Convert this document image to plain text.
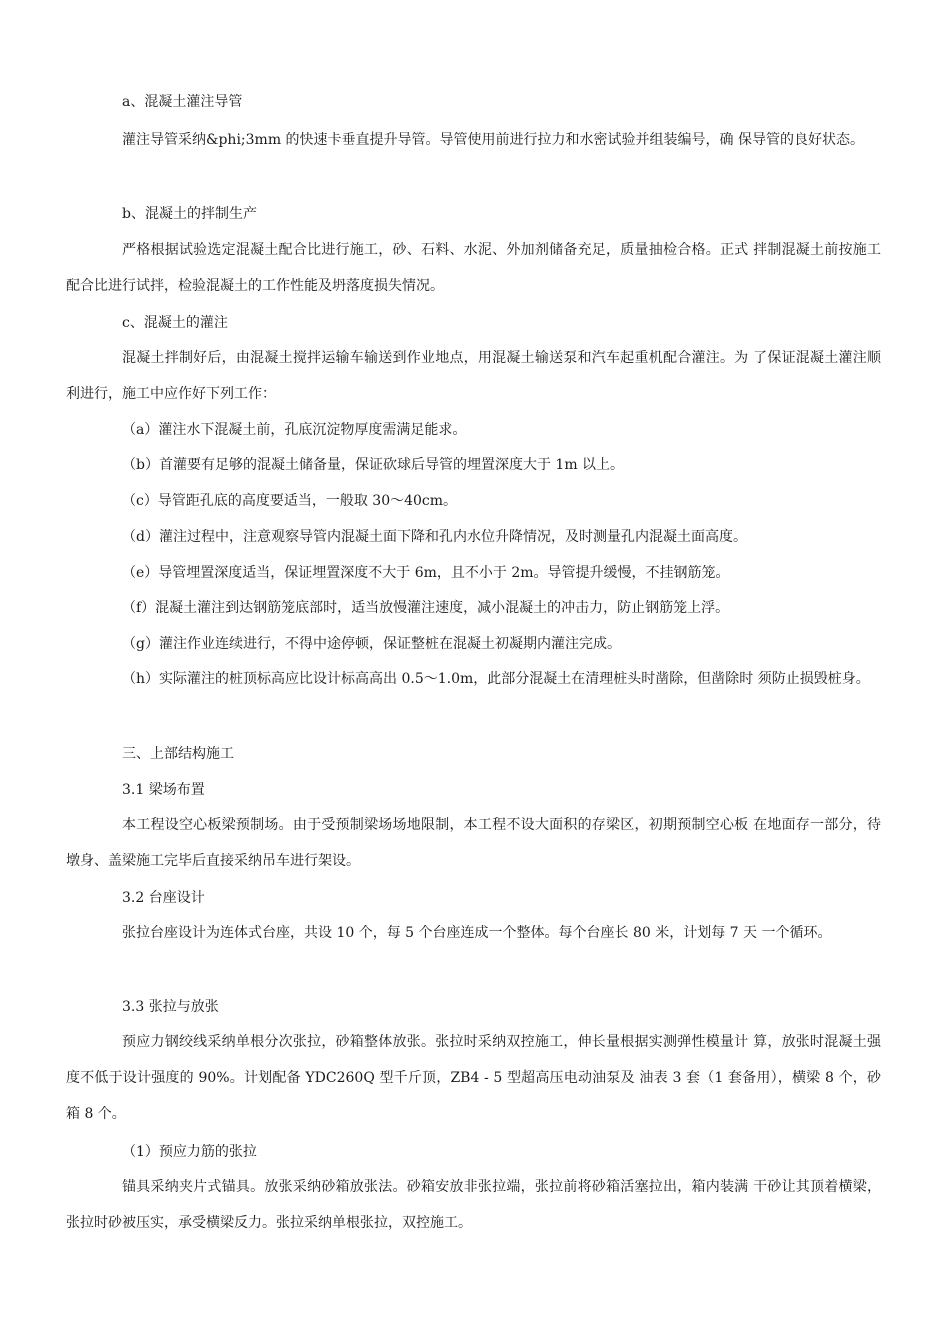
a、混凝土灌注导管

灌注导管采纳&phi;3mm 的快速卡垂直提升导管。导管使用前进行拉力和水密试验并组装编号，确 保导管的良好状态。

b、混凝土的拌制生产

严格根据试验选定混凝土配合比进行施工，砂、石料、水泥、外加剂储备充足，质量抽检合格。正式 拌制混凝土前按施工配合比进行试拌，检验混凝土的工作性能及坍落度损失情况。

c、混凝土的灌注

混凝土拌制好后，由混凝土搅拌运输车输送到作业地点，用混凝土输送泵和汽车起重机配合灌注。为 了保证混凝土灌注顺利进行，施工中应作好下列工作：

（a）灌注水下混凝土前，孔底沉淀物厚度需满足能求。

（b）首灌要有足够的混凝土储备量，保证砍球后导管的埋置深度大于 1m 以上。

（c）导管距孔底的高度要适当，一般取 30〜40cm。

（d）灌注过程中，注意观察导管内混凝土面下降和孔内水位升降情况，及时测量孔内混凝土面高度。

（e）导管埋置深度适当，保证埋置深度不大于 6m，且不小于 2m。导管提升缓慢，不挂钢筋笼。

（f）混凝土灌注到达钢筋笼底部时，适当放慢灌注速度，减小混凝土的冲击力，防止钢筋笼上浮。

（g）灌注作业连续进行，不得中途停顿，保证整桩在混凝土初凝期内灌注完成。

（h）实际灌注的桩顶标高应比设计标高高出 0.5〜1.0m，此部分混凝土在清理桩头时凿除，但凿除时 须防止损毁桩身。

三、上部结构施工

3.1 梁场布置

本工程设空心板梁预制场。由于受预制梁场场地限制，本工程不设大面积的存梁区，初期预制空心板 在地面存一部分，待墩身、盖梁施工完毕后直接采纳吊车进行架设。

3.2 台座设计

张拉台座设计为连体式台座，共设 10 个，每 5 个台座连成一个整体。每个台座长 80 米，计划每 7 天 一个循环。

3.3 张拉与放张

预应力钢绞线采纳单根分次张拉，砂箱整体放张。张拉时采纳双控施工，伸长量根据实测弹性模量计 算，放张时混凝土强度不低于设计强度的 90%。计划配备 YDC260Q 型千斤顶，ZB4 - 5 型超高压电动油泵及 油表 3 套（1 套备用），横梁 8 个，砂箱 8 个。

（1）预应力筋的张拉

锚具采纳夹片式锚具。放张采纳砂箱放张法。砂箱安放非张拉端，张拉前将砂箱活塞拉出，箱内装满 干砂让其顶着横梁，张拉时砂被压实，承受横梁反力。张拉采纳单根张拉，双控施工。
